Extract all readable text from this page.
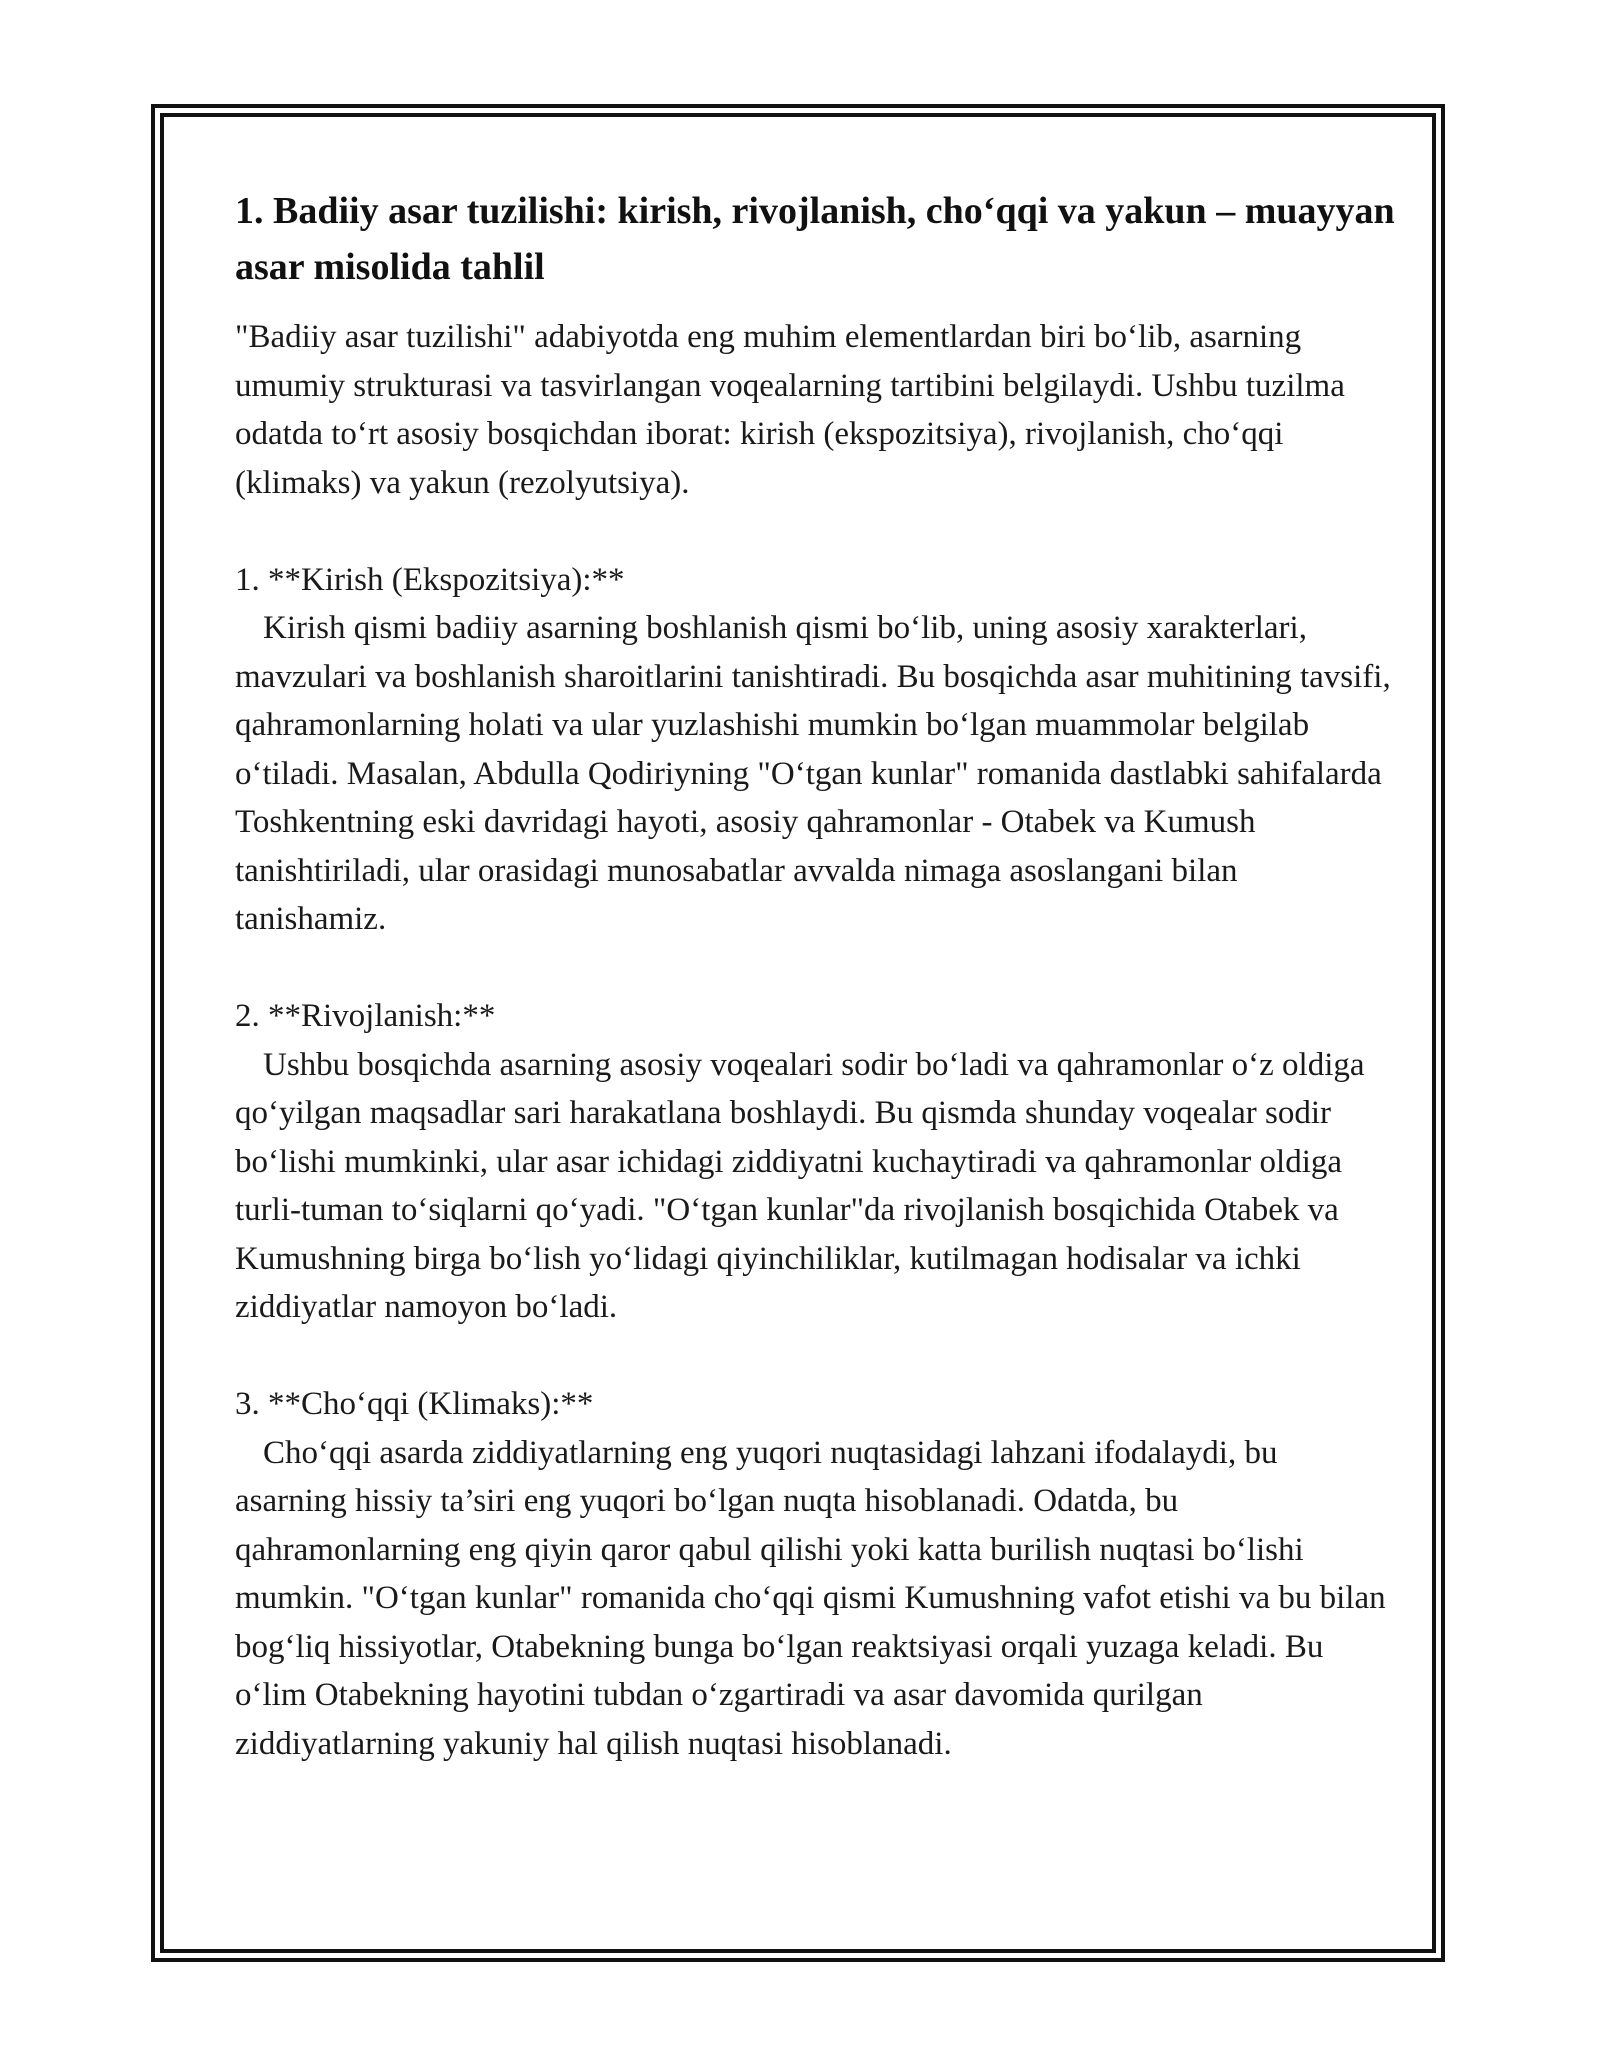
1. Badiiy asar tuzilishi: kirish, rivojlanish, cho‘qqi va yakun – muayyan asar misolida tahlil

"Badiiy asar tuzilishi" adabiyotda eng muhim elementlardan biri bo‘lib, asarning umumiy strukturasi va tasvirlangan voqealarning tartibini belgilaydi. Ushbu tuzilma odatda to‘rt asosiy bosqichdan iborat: kirish (ekspozitsiya), rivojlanish, cho‘qqi (klimaks) va yakun (rezolyutsiya).

1. **Kirish (Ekspozitsiya):**
Kirish qismi badiiy asarning boshlanish qismi bo‘lib, uning asosiy xarakterlari, mavzulari va boshlanish sharoitlarini tanishtiradi. Bu bosqichda asar muhitining tavsifi, qahramonlarning holati va ular yuzlashishi mumkin bo‘lgan muammolar belgilab o‘tiladi. Masalan, Abdulla Qodiriyning "O‘tgan kunlar" romanida dastlabki sahifalarda Toshkentning eski davridagi hayoti, asosiy qahramonlar - Otabek va Kumush tanishtiriladi, ular orasidagi munosabatlar avvalda nimaga asoslangani bilan tanishamiz.
2. **Rivojlanish:**
Ushbu bosqichda asarning asosiy voqealari sodir bo‘ladi va qahramonlar o‘z oldiga qo‘yilgan maqsadlar sari harakatlana boshlaydi. Bu qismda shunday voqealar sodir bo‘lishi mumkinki, ular asar ichidagi ziddiyatni kuchaytiradi va qahramonlar oldiga turli-tuman to‘siqlarni qo‘yadi. "O‘tgan kunlar"da rivojlanish bosqichida Otabek va Kumushning birga bo‘lish yo‘lidagi qiyinchiliklar, kutilmagan hodisalar va ichki ziddiyatlar namoyon bo‘ladi.
3. **Cho‘qqi (Klimaks):**
Cho‘qqi asarda ziddiyatlarning eng yuqori nuqtasidagi lahzani ifodalaydi, bu asarning hissiy ta’siri eng yuqori bo‘lgan nuqta hisoblanadi. Odatda, bu qahramonlarning eng qiyin qaror qabul qilishi yoki katta burilish nuqtasi bo‘lishi mumkin. "O‘tgan kunlar" romanida cho‘qqi qismi Kumushning vafot etishi va bu bilan bog‘liq hissiyotlar, Otabekning bunga bo‘lgan reaktsiyasi orqali yuzaga keladi. Bu o‘lim Otabekning hayotini tubdan o‘zgartiradi va asar davomida qurilgan ziddiyatlarning yakuniy hal qilish nuqtasi hisoblanadi.
